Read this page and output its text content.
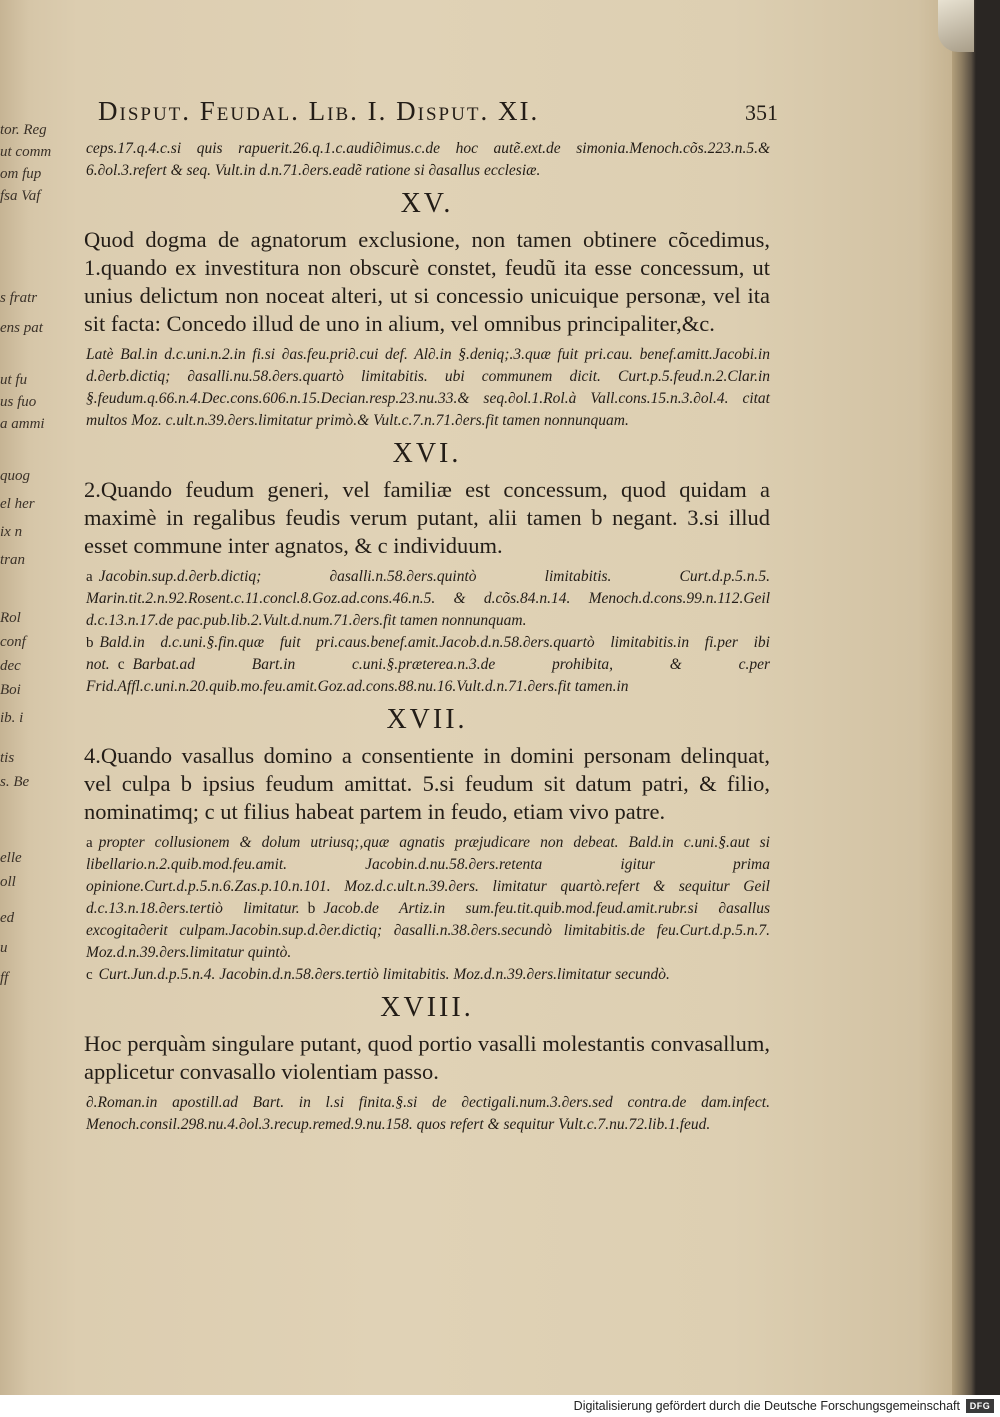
tor. Reg
ut comm
om fup
fsa Vaf
s fratr
ens pat
ut fu
us fuo
a ammi
quog
el her
ix n
tran
Rol
conf
dec
Boi
ib. i
tis
s. Be
elle
oll
ed
u
ff
Disput. Feudal. Lib. I. Disput. XI.	351

ceps.17.q.4.c.si quis rapuerit.26.q.1.c.audi∂imus.c.de hoc autẽ.ext.de simonia.Menoch.cõs.223.n.5.& 6.∂ol.3.refert & seq. Vult.in d.n.71.∂ers.eadẽ ratione si ∂asallus ecclesiæ.

XV.

Quod dogma de agnatorum exclusione, non tamen obtinere cõcedimus, 1.quando ex investitura non obscurè constet, feudũ ita esse concessum, ut unius delictum non noceat alteri, ut si concessio unicuique personæ, vel ita sit facta: Concedo illud de uno in alium, vel omnibus principaliter,&c.

Latè Bal.in d.c.uni.n.2.in fi.si ∂as.feu.pri∂.cui def. Al∂.in §.deniq;.3.quæ fuit pri.cau. benef.amitt.Jacobi.in d.∂erb.dictiq; ∂asalli.nu.58.∂ers.quartò limitabitis. ubi communem dicit. Curt.p.5.feud.n.2.Clar.in §.feudum.q.66.n.4.Dec.cons.606.n.15.Decian.resp.23.nu.33.& seq.∂ol.1.Rol.à Vall.cons.15.n.3.∂ol.4. citat multos Moz. c.ult.n.39.∂ers.limitatur primò.& Vult.c.7.n.71.∂ers.fit tamen nonnunquam.

XVI.

2.Quando feudum generi, vel familiæ est concessum, quod quidam a maximè in regalibus feudis verum putant, alii tamen b negant. 3.si illud esset commune inter agnatos, & c individuum.

a Jacobin.sup.d.∂erb.dictiq; ∂asalli.n.58.∂ers.quintò limitabitis. Curt.d.p.5.n.5. Marin.tit.2.n.92.Rosent.c.11.concl.8.Goz.ad.cons.46.n.5. & d.cõs.84.n.14. Menoch.d.cons.99.n.112.Geil d.c.13.n.17.de pac.pub.lib.2.Vult.d.num.71.∂ers.fit tamen nonnunquam.

b Bald.in d.c.uni.§.fin.quæ fuit pri.caus.benef.amit.Jacob.d.n.58.∂ers.quartò limitabitis.in fi.per ibi not. c Barbat.ad Bart.in c.uni.§.præterea.n.3.de prohibita, & c.per Frid.Affl.c.uni.n.20.quib.mo.feu.amit.Goz.ad.cons.88.nu.16.Vult.d.n.71.∂ers.fit tamen.in

XVII.

4.Quando vasallus domino a consentiente in domini personam delinquat, vel culpa b ipsius feudum amittat. 5.si feudum sit datum patri, & filio, nominatimq; c ut filius habeat partem in feudo, etiam vivo patre.

a propter collusionem & dolum utriusq;,quæ agnatis præjudicare non debeat. Bald.in c.uni.§.aut si libellario.n.2.quib.mod.feu.amit. Jacobin.d.nu.58.∂ers.retenta igitur prima opinione.Curt.d.p.5.n.6.Zas.p.10.n.101. Moz.d.c.ult.n.39.∂ers. limitatur quartò.refert & sequitur Geil d.c.13.n.18.∂ers.tertiò limitatur. b Jacob.de Artiz.in sum.feu.tit.quib.mod.feud.amit.rubr.si ∂asallus excogita∂erit culpam.Jacobin.sup.d.∂er.dictiq; ∂asalli.n.38.∂ers.secundò limitabitis.de feu.Curt.d.p.5.n.7. Moz.d.n.39.∂ers.limitatur quintò.

c Curt.Jun.d.p.5.n.4. Jacobin.d.n.58.∂ers.tertiò limitabitis. Moz.d.n.39.∂ers.limitatur secundò.

XVIII.

Hoc perquàm singulare putant, quod portio vasalli molestantis convasallum, applicetur convasallo violentiam passo.

∂.Roman.in apostill.ad Bart. in l.si finita.§.si de ∂ectigali.num.3.∂ers.sed contra.de dam.infect. Menoch.consil.298.nu.4.∂ol.3.recup.remed.9.nu.158. quos refert & sequitur Vult.c.7.nu.72.lib.1.feud.

Digitalisierung gefördert durch die Deutsche Forschungsgemeinschaft	DFG
